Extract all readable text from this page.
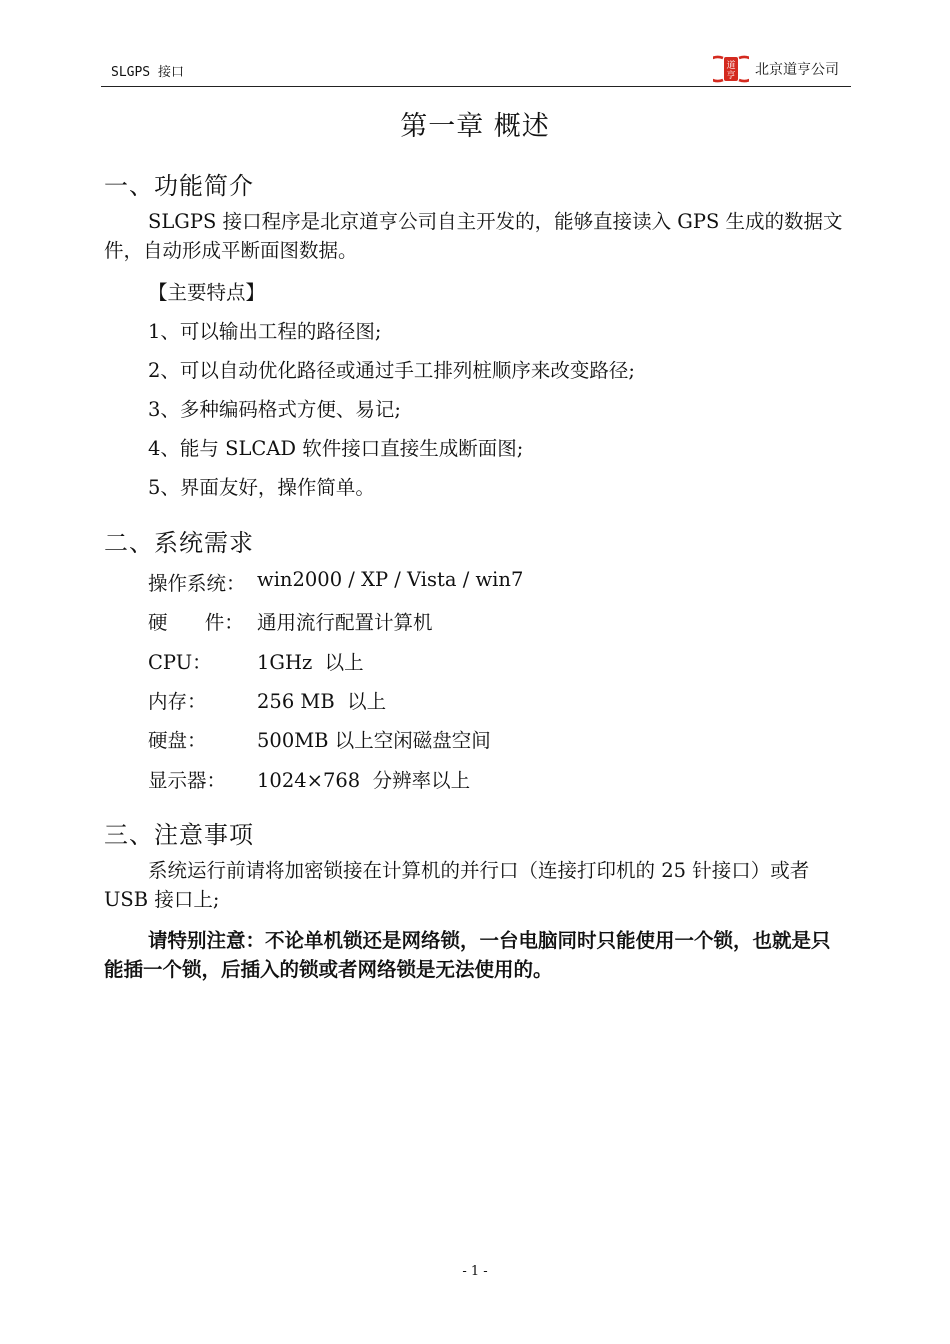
SLGPS 接口	道
亨 北京道亨公司
第一章 概述
一、功能简介
SLGPS 接口程序是北京道亨公司自主开发的，能够直接读入 GPS 生成的数据文件，自动形成平断面图数据。
【主要特点】
1、可以输出工程的路径图;
2、可以自动优化路径或通过手工排列桩顺序来改变路径;
3、多种编码格式方便、易记;
4、能与 SLCAD 软件接口直接生成断面图;
5、界面友好，操作简单。
二、系统需求
操作系统： win2000 / XP / Vista / win7
硬      件： 通用流行配置计算机
CPU： 1GHz  以上
内存：	256 MB  以上
硬盘：	500MB 以上空闲磁盘空间
显示器： 1024×768  分辨率以上
三、注意事项
系统运行前请将加密锁接在计算机的并行口（连接打印机的 25 针接口）或者 USB 接口上;
请特别注意：不论单机锁还是网络锁，一台电脑同时只能使用一个锁，也就是只能插一个锁，后插入的锁或者网络锁是无法使用的。
- 1 -
